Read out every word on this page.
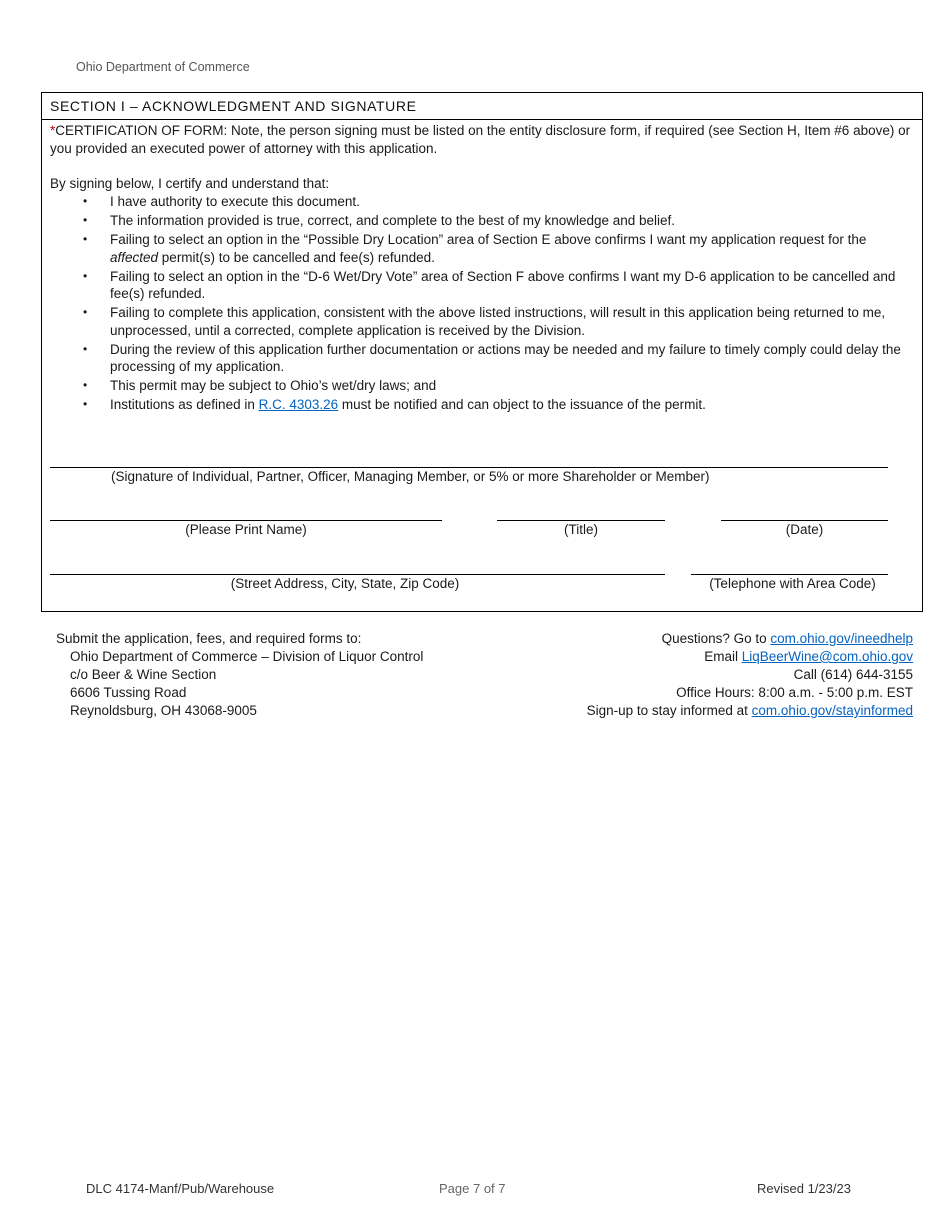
Ohio Department of Commerce
SECTION I – ACKNOWLEDGMENT AND SIGNATURE

*CERTIFICATION OF FORM: Note, the person signing must be listed on the entity disclosure form, if required (see Section H, Item #6 above) or you provided an executed power of attorney with this application.

By signing below, I certify and understand that:
• I have authority to execute this document.
• The information provided is true, correct, and complete to the best of my knowledge and belief.
• Failing to select an option in the “Possible Dry Location” area of Section E above confirms I want my application request for the affected permit(s) to be cancelled and fee(s) refunded.
• Failing to select an option in the “D-6 Wet/Dry Vote” area of Section F above confirms I want my D-6 application to be cancelled and fee(s) refunded.
• Failing to complete this application, consistent with the above listed instructions, will result in this application being returned to me, unprocessed, until a corrected, complete application is received by the Division.
• During the review of this application further documentation or actions may be needed and my failure to timely comply could delay the processing of my application.
• This permit may be subject to Ohio’s wet/dry laws; and
• Institutions as defined in R.C. 4303.26 must be notified and can object to the issuance of the permit.
(Signature of Individual, Partner, Officer, Managing Member, or 5% or more Shareholder or Member)
(Please Print Name)	(Title)	(Date)
(Street Address, City, State, Zip Code)	(Telephone with Area Code)
Submit the application, fees, and required forms to:
Ohio Department of Commerce – Division of Liquor Control
c/o Beer & Wine Section
6606 Tussing Road
Reynoldsburg, OH 43068-9005
Questions? Go to com.ohio.gov/ineedhelp
Email LiqBeerWine@com.ohio.gov
Call (614) 644-3155
Office Hours: 8:00 a.m. - 5:00 p.m. EST
Sign-up to stay informed at com.ohio.gov/stayinformed
DLC 4174-Manf/Pub/Warehouse	Page 7 of 7	Revised 1/23/23
